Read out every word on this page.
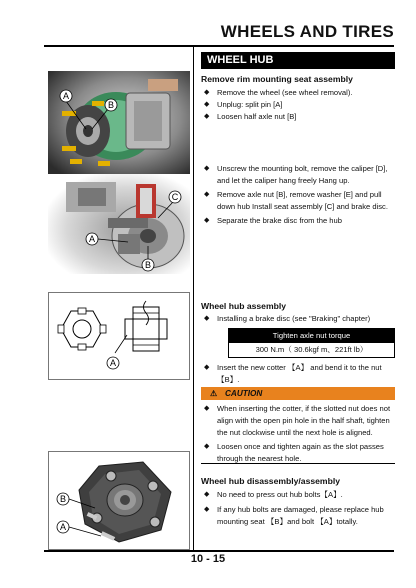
WHEELS AND TIRES
A
B
WHEEL HUB
Remove rim mounting seat assembly
◆ Remove the wheel (see wheel removal).
◆ Unplug: split pin [A]
◆ Loosen half axle nut [B]
C
A
B
◆ Unscrew the mounting bolt, remove the caliper [D],
and let the caliper hang freely Hang up.
◆ Remove axle nut [B], remove washer [E] and pull
down hub Install seat assembly [C] and brake disc.
◆ Separate the brake disc from the hub
A
Wheel hub assembly
◆ Installing a brake disc (see "Braking" chapter)
Tighten axle nut torque
300 N.m（ 30.6kgf m、221ft lb）
◆ Insert the new cotter 【A】 and bend it to the nut
【B】.
⚠ CAUTION
◆ When inserting the cotter, if the slotted nut does not
align with the open pin hole in the half shaft, tighten
the nut clockwise until the next hole is aligned.
◆ Loosen once and tighten again as the slot passes
through the nearest hole.
B
A
Wheel hub disassembly/assembly
◆ No need to press out hub bolts【A】.
◆ If any hub bolts are damaged, please replace hub
mounting seat 【B】and bolt 【A】totally.
10 - 15
